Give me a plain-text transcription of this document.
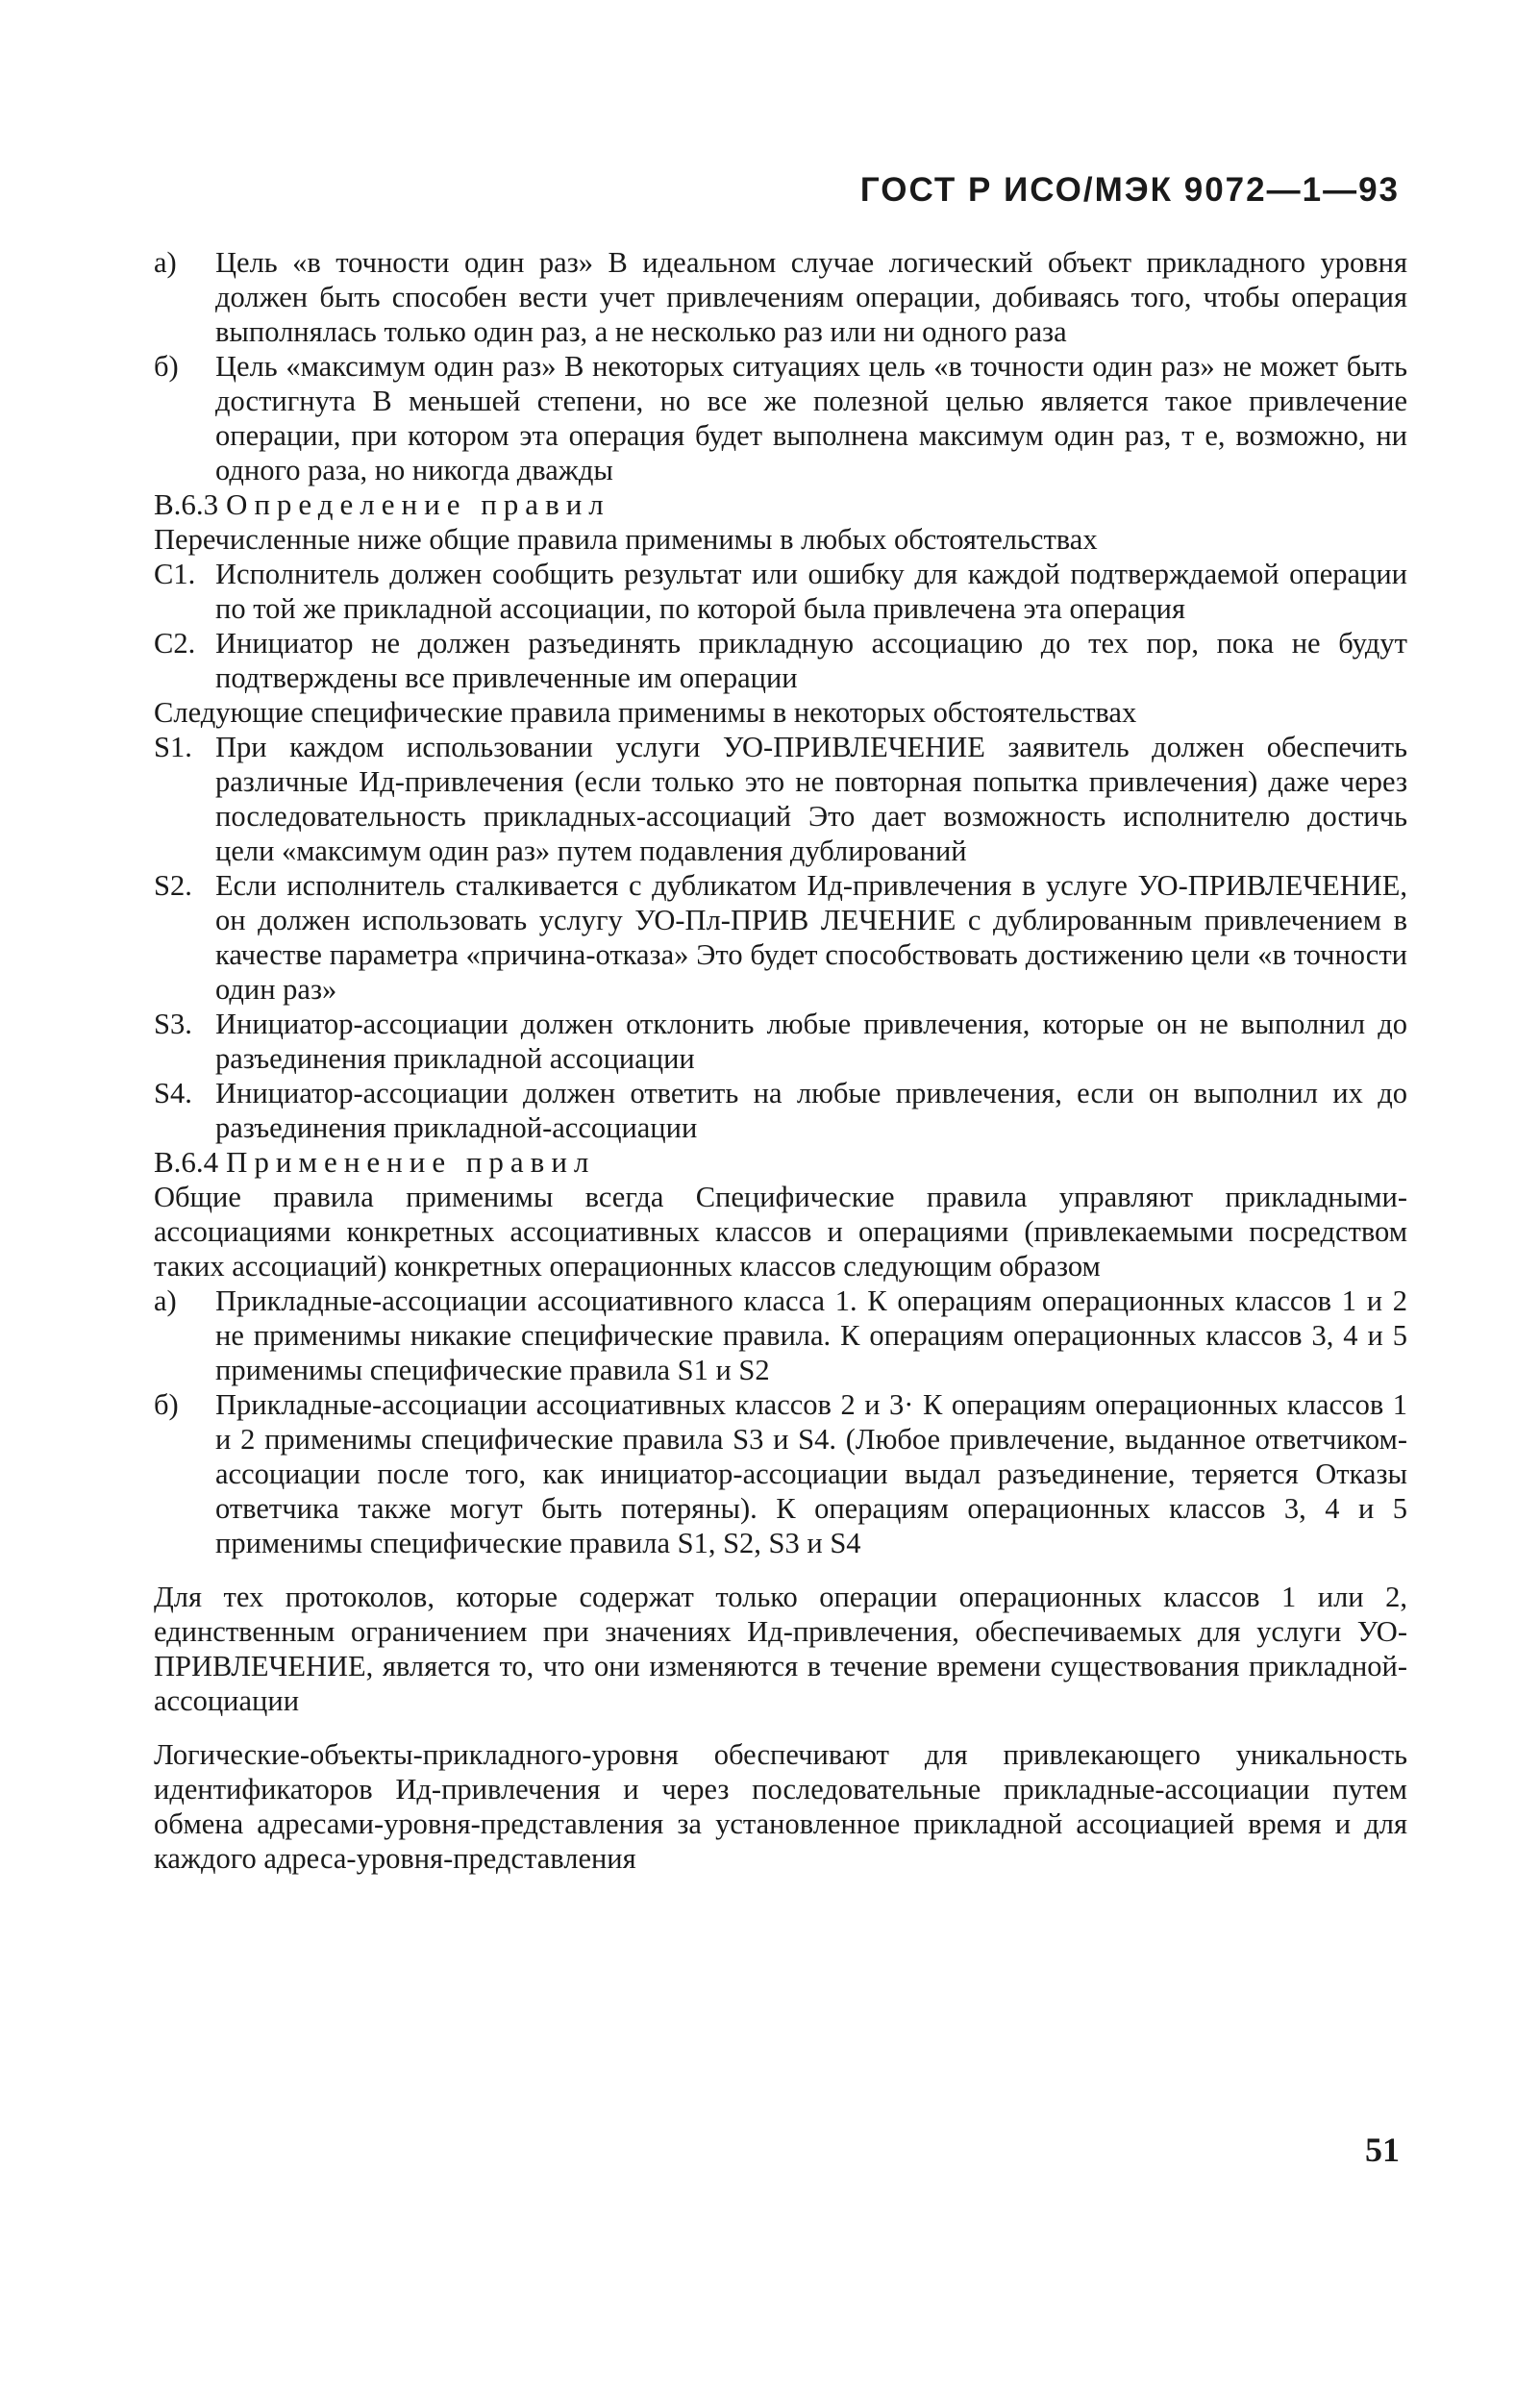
ГОСТ Р ИСО/МЭК 9072—1—93
а)	Цель «в точности один раз» В идеальном случае логический объект прикладного уровня должен быть способен вести учет привлечениям операции, добиваясь того, чтобы операция выполнялась только один раз, а не несколько раз или ни одного раза
б)	Цель «максимум один раз» В некоторых ситуациях цель «в точности один раз» не может быть достигнута В меньшей степени, но все же полезной целью является такое привлечение операции, при котором эта операция будет выполнена максимум один раз, т е, возможно, ни одного раза, но никогда дважды
В.6.3 Определение правил

Перечисленные ниже общие правила применимы в любых обстоятельствах

С1. Исполнитель должен сообщить результат или ошибку для каждой подтверждаемой операции по той же прикладной ассоциации, по которой была привлечена эта операция
С2. Инициатор не должен разъединять прикладную ассоциацию до тех пор, пока не будут подтверждены все привлеченные им операции

Следующие специфические правила применимы в некоторых обстоятельствах

S1. При каждом использовании услуги УО-ПРИВЛЕЧЕНИЕ заявитель должен обеспечить различные Ид-привлечения (если только это не повторная попытка привлечения) даже через последовательность прикладных-ассоциаций Это дает возможность исполнителю достичь цели «максимум один раз» путем подавления дублирований
S2. Если исполнитель сталкивается с дубликатом Ид-привлечения в услуге УО-ПРИВЛЕЧЕНИЕ, он должен использовать услугу УО-Пл-ПРИВ ЛЕЧЕНИЕ с дублированным привлечением в качестве параметра «причина-отказа» Это будет способствовать достижению цели «в точности один раз»
S3. Инициатор-ассоциации должен отклонить любые привлечения, которые он не выполнил до разъединения прикладной ассоциации
S4. Инициатор-ассоциации должен ответить на любые привлечения, если он выполнил их до разъединения прикладной-ассоциации
В.6.4 Применение правил

Общие правила применимы всегда Специфические правила управляют прикладными-ассоциациями конкретных ассоциативных классов и операциями (привлекаемыми посредством таких ассоциаций) конкретных операционных классов следующим образом

а)	Прикладные-ассоциации ассоциативного класса 1. К операциям операционных классов 1 и 2 не применимы никакие специфические правила. К операциям операционных классов 3, 4 и 5 применимы специфические правила S1 и S2
б)	Прикладные-ассоциации ассоциативных классов 2 и 3· К операциям операционных классов 1 и 2 применимы специфические правила S3 и S4. (Любое привлечение, выданное ответчиком-ассоциации после того, как инициатор-ассоциации выдал разъединение, теряется Отказы ответчика также могут быть потеряны). К операциям операционных классов 3, 4 и 5 применимы специфические правила S1, S2, S3 и S4

Для тех протоколов, которые содержат только операции операционных классов 1 или 2, единственным ограничением при значениях Ид-привлечения, обеспечиваемых для услуги УО-ПРИВЛЕЧЕНИЕ, является то, что они изменяются в течение времени существования прикладной-ассоциации

Логические-объекты-прикладного-уровня обеспечивают для привлекающего уникальность идентификаторов Ид-привлечения и через последовательные прикладные-ассоциации путем обмена адресами-уровня-представления за установленное прикладной ассоциацией время и для каждого адреса-уровня-представления

51
